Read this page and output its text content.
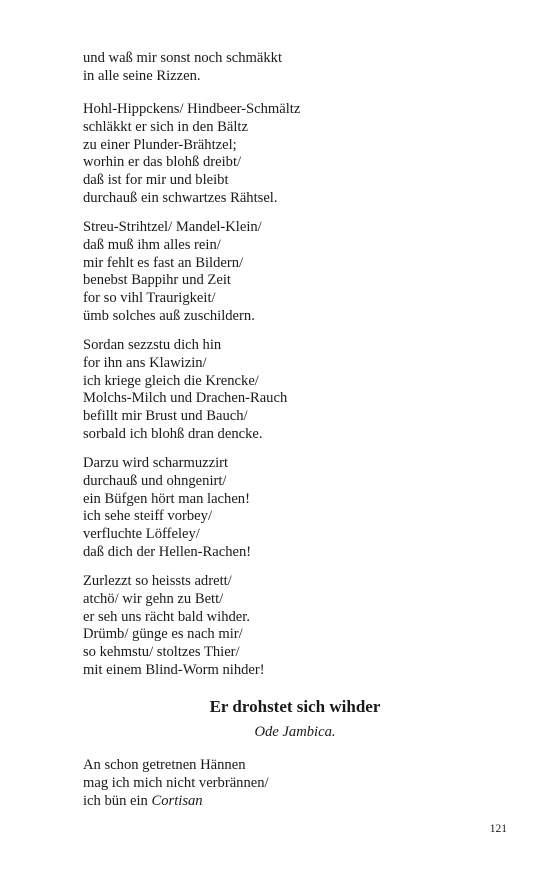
und waß mir sonst noch schmäkkt
in alle seine Rizzen.
Hohl-Hippckens/ Hindbeer-Schmältz
schläkkt er sich in den Bältz
zu einer Plunder-Brähtzel;
worhin er das blohß dreibt/
daß ist for mir und bleibt
durchauß ein schwartzes Rähtsel.
Streu-Strihtzel/ Mandel-Klein/
daß muß ihm alles rein/
mir fehlt es fast an Bildern/
benebst Bappihr und Zeit
for so vihl Traurigkeit/
ümb solches auß zuschildern.
Sordan sezzstu dich hin
for ihn ans Klawizin/
ich kriege gleich die Krencke/
Molchs-Milch und Drachen-Rauch
befillt mir Brust und Bauch/
sorbald ich blohß dran dencke.
Darzu wird scharmuzzirt
durchauß und ohngenirt/
ein Büfgen hört man lachen!
ich sehe steiff vorbey/
verfluchte Löffeley/
daß dich der Hellen-Rachen!
Zurlezzt so heissts adrett/
atchö/ wir gehn zu Bett/
er seh uns rächt bald wihder.
Drümb/ günge es nach mir/
so kehmstu/ stoltzes Thier/
mit einem Blind-Worm nihder!
Er drohstet sich wihder
Ode Jambica.
An schon getretnen Hännen
mag ich mich nicht verbrännen/
ich bün ein Cortisan
121
